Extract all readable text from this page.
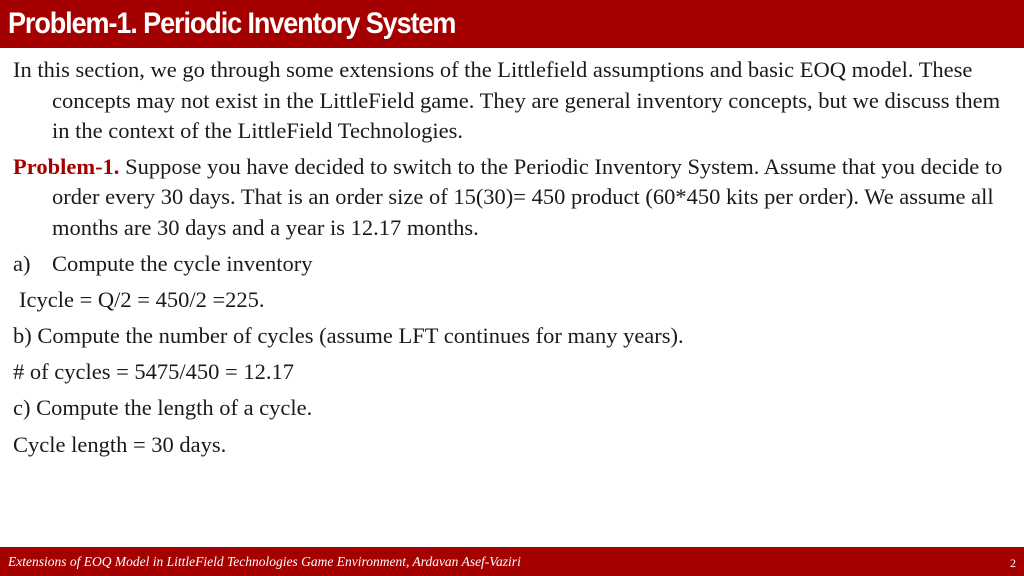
Problem-1. Periodic Inventory System

In this section, we go through some extensions of the Littlefield assumptions and basic EOQ model. These concepts may not exist in the LittleField game. They are general inventory concepts, but we discuss them in the context of the LittleField Technologies.

Problem-1. Suppose you have decided to switch to the Periodic Inventory System. Assume that you decide to order every 30 days. That is an order size of 15(30)= 450 product (60*450 kits per order). We assume all months are 30 days and a year is 12.17 months.

a) Compute the cycle inventory

Icycle = Q/2 = 450/2 =225.

b) Compute the number of cycles (assume LFT continues for many years).

# of cycles = 5475/450 = 12.17

c) Compute the length of a cycle.

Cycle length = 30 days.

Extensions of EOQ Model in LittleField Technologies Game Environment, Ardavan Asef-Vaziri	2
